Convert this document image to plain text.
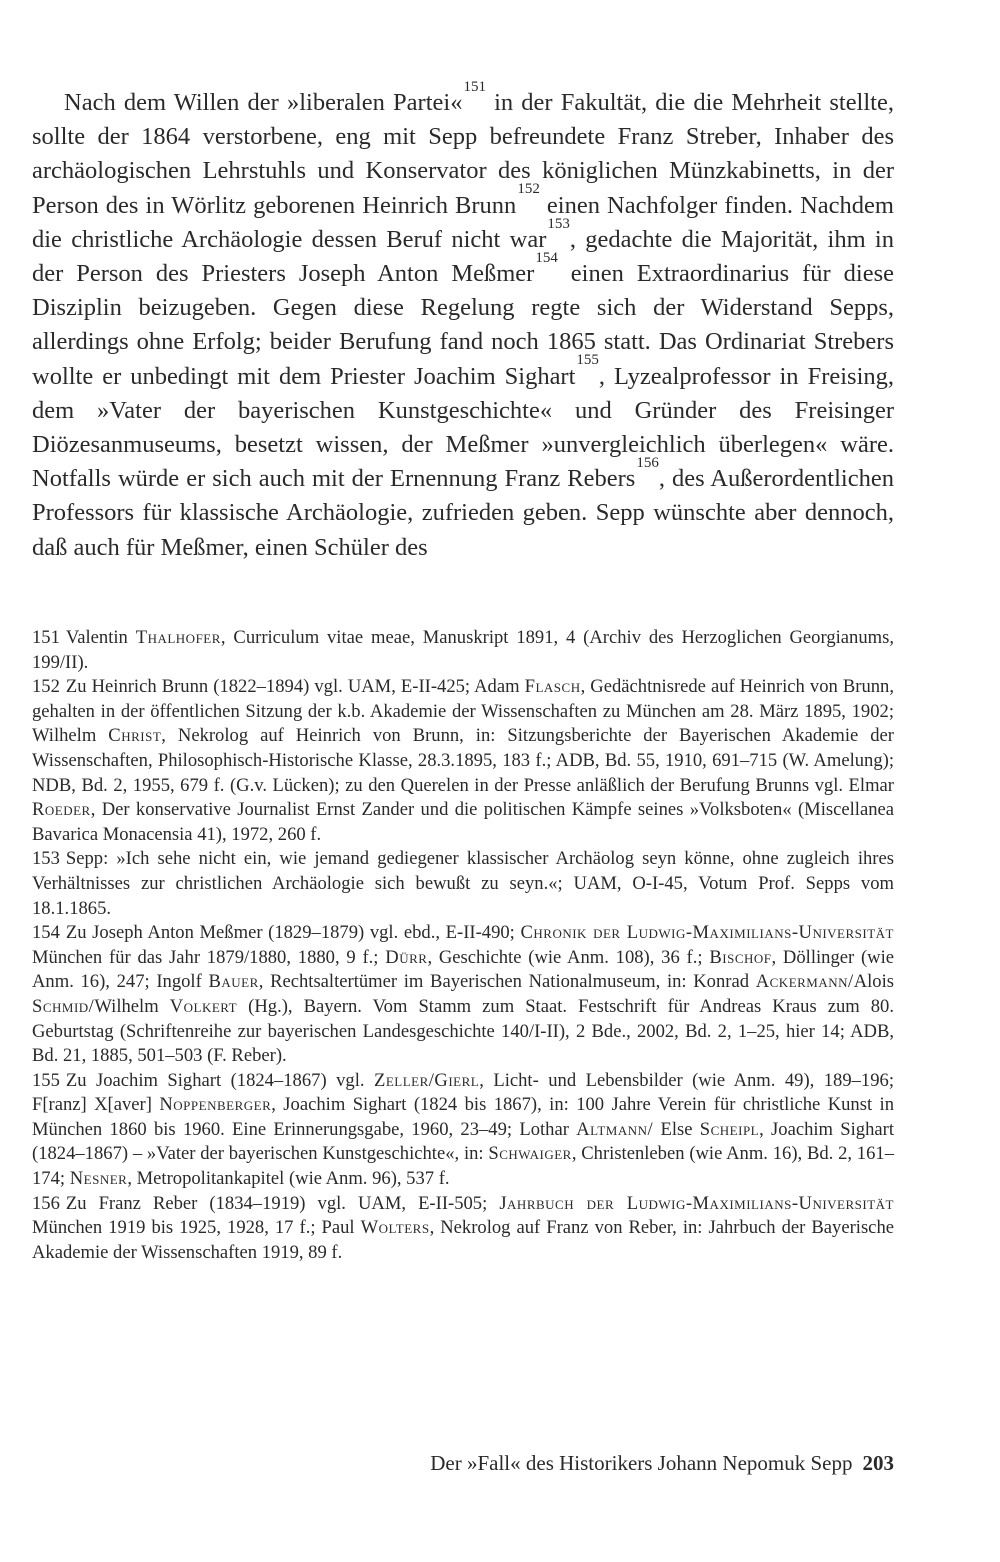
Nach dem Willen der »liberalen Partei«$^{151}$ in der Fakultät, die die Mehrheit stellte, sollte der 1864 verstorbene, eng mit Sepp befreundete Franz Streber, Inhaber des archäologischen Lehrstuhls und Konservator des königlichen Münzkabinetts, in der Person des in Wörlitz geborenen Heinrich Brunn$^{152}$ einen Nachfolger finden. Nachdem die christliche Archäologie dessen Beruf nicht war$^{153}$, gedachte die Majorität, ihm in der Person des Priesters Joseph Anton Meßmer$^{154}$ einen Extraordinarius für diese Disziplin beizugeben. Gegen diese Regelung regte sich der Widerstand Sepps, allerdings ohne Erfolg; beider Berufung fand noch 1865 statt. Das Ordinariat Strebers wollte er unbedingt mit dem Priester Joachim Sighart$^{155}$, Lyzealprofessor in Freising, dem »Vater der bayerischen Kunstgeschichte« und Gründer des Freisinger Diözesanmuseums, besetzt wissen, der Meßmer »unvergleichlich überlegen« wäre. Notfalls würde er sich auch mit der Ernennung Franz Rebers$^{156}$, des Außerordentlichen Professors für klassische Archäologie, zufrieden geben. Sepp wünschte aber dennoch, daß auch für Meßmer, einen Schüler des

151 Valentin Thalhofer, Curriculum vitae meae, Manuskript 1891, 4 (Archiv des Herzoglichen Georgianums, 199/II).

152 Zu Heinrich Brunn (1822–1894) vgl. UAM, E-II-425; Adam Flasch, Gedächtnisrede auf Heinrich von Brunn, gehalten in der öffentlichen Sitzung der k.b. Akademie der Wissenschaften zu München am 28. März 1895, 1902; Wilhelm Christ, Nekrolog auf Heinrich von Brunn, in: Sitzungsberichte der Bayerischen Akademie der Wissenschaften, Philosophisch-Historische Klasse, 28.3.1895, 183 f.; ADB, Bd. 55, 1910, 691–715 (W. Amelung); NDB, Bd. 2, 1955, 679 f. (G.v. Lücken); zu den Querelen in der Presse anläßlich der Berufung Brunns vgl. Elmar Roeder, Der konservative Journalist Ernst Zander und die politischen Kämpfe seines »Volksboten« (Miscellanea Bavarica Monacensia 41), 1972, 260 f.

153 Sepp: »Ich sehe nicht ein, wie jemand gediegener klassischer Archäolog seyn könne, ohne zugleich ihres Verhältnisses zur christlichen Archäologie sich bewußt zu seyn.«; UAM, O-I-45, Votum Prof. Sepps vom 18.1.1865.

154 Zu Joseph Anton Meßmer (1829–1879) vgl. ebd., E-II-490; Chronik der Ludwig-Maximilians-Universität München für das Jahr 1879/1880, 1880, 9 f.; Dürr, Geschichte (wie Anm. 108), 36 f.; Bischof, Döllinger (wie Anm. 16), 247; Ingolf Bauer, Rechtsaltertümer im Bayerischen Nationalmuseum, in: Konrad Ackermann/Alois Schmid/Wilhelm Volkert (Hg.), Bayern. Vom Stamm zum Staat. Festschrift für Andreas Kraus zum 80. Geburtstag (Schriftenreihe zur bayerischen Landesgeschichte 140/I-II), 2 Bde., 2002, Bd. 2, 1–25, hier 14; ADB, Bd. 21, 1885, 501–503 (F. Reber).

155 Zu Joachim Sighart (1824–1867) vgl. Zeller/Gierl, Licht- und Lebensbilder (wie Anm. 49), 189–196; F[ranz] X[aver] Noppenberger, Joachim Sighart (1824 bis 1867), in: 100 Jahre Verein für christliche Kunst in München 1860 bis 1960. Eine Erinnerungsgabe, 1960, 23–49; Lothar Altmann/ Else Scheipl, Joachim Sighart (1824–1867) – »Vater der bayerischen Kunstgeschichte«, in: Schwaiger, Christenleben (wie Anm. 16), Bd. 2, 161–174; Nesner, Metropolitankapitel (wie Anm. 96), 537 f.

156 Zu Franz Reber (1834–1919) vgl. UAM, E-II-505; Jahrbuch der Ludwig-Maximilians-Universität München 1919 bis 1925, 1928, 17 f.; Paul Wolters, Nekrolog auf Franz von Reber, in: Jahrbuch der Bayerische Akademie der Wissenschaften 1919, 89 f.

Der »Fall« des Historikers Johann Nepomuk Sepp 203
